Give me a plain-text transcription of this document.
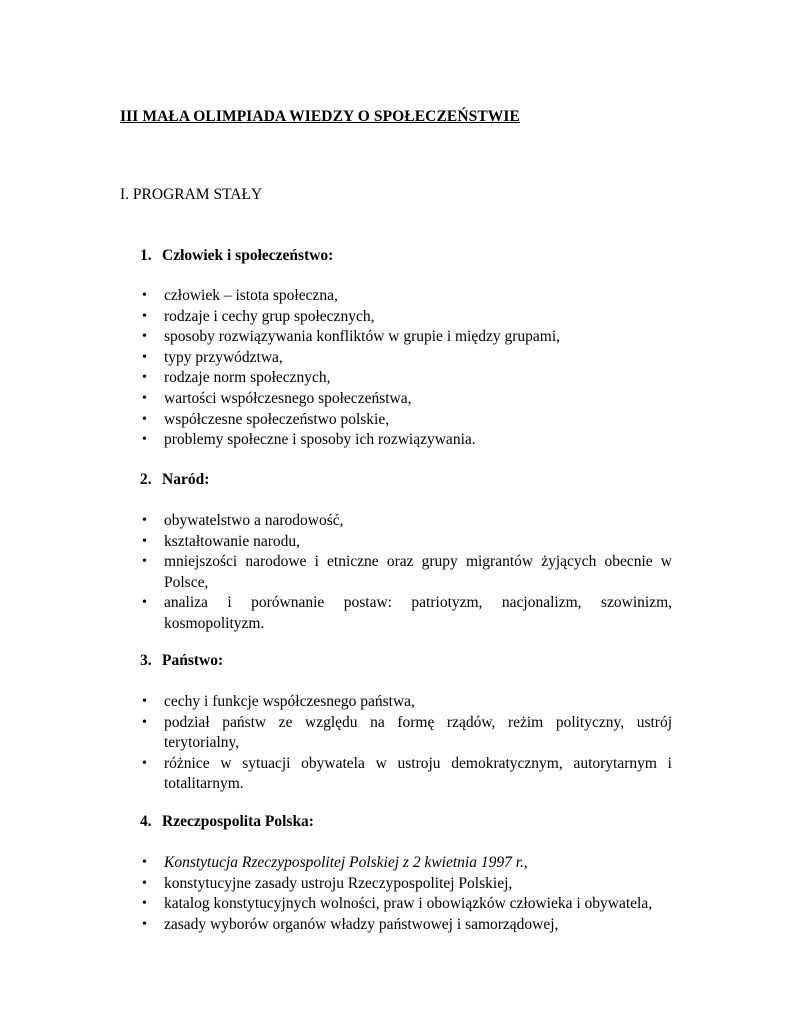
III MAŁA OLIMPIADA WIEDZY O SPOŁECZEŃSTWIE
I. PROGRAM STAŁY

1. Człowiek i społeczeństwo:

• człowiek – istota społeczna,
• rodzaje i cechy grup społecznych,
• sposoby rozwiązywania konfliktów w grupie i między grupami,
• typy przywództwa,
• rodzaje norm społecznych,
• wartości współczesnego społeczeństwa,
• współczesne społeczeństwo polskie,
• problemy społeczne i sposoby ich rozwiązywania.

2. Naród:

• obywatelstwo a narodowość,
• kształtowanie narodu,
• mniejszości narodowe i etniczne oraz grupy migrantów żyjących obecnie w Polsce,
• analiza i porównanie postaw: patriotyzm, nacjonalizm, szowinizm, kosmopolityzm.

3. Państwo:

• cechy i funkcje współczesnego państwa,
• podział państw ze względu na formę rządów, reżim polityczny, ustrój terytorialny,
• różnice w sytuacji obywatela w ustroju demokratycznym, autorytarnym i totalitarnym.

4. Rzeczpospolita Polska:

• Konstytucja Rzeczypospolitej Polskiej z 2 kwietnia 1997 r.,
• konstytucyjne zasady ustroju Rzeczypospolitej Polskiej,
• katalog konstytucyjnych wolności, praw i obowiązków człowieka i obywatela,
• zasady wyborów organów władzy państwowej i samorządowej,
